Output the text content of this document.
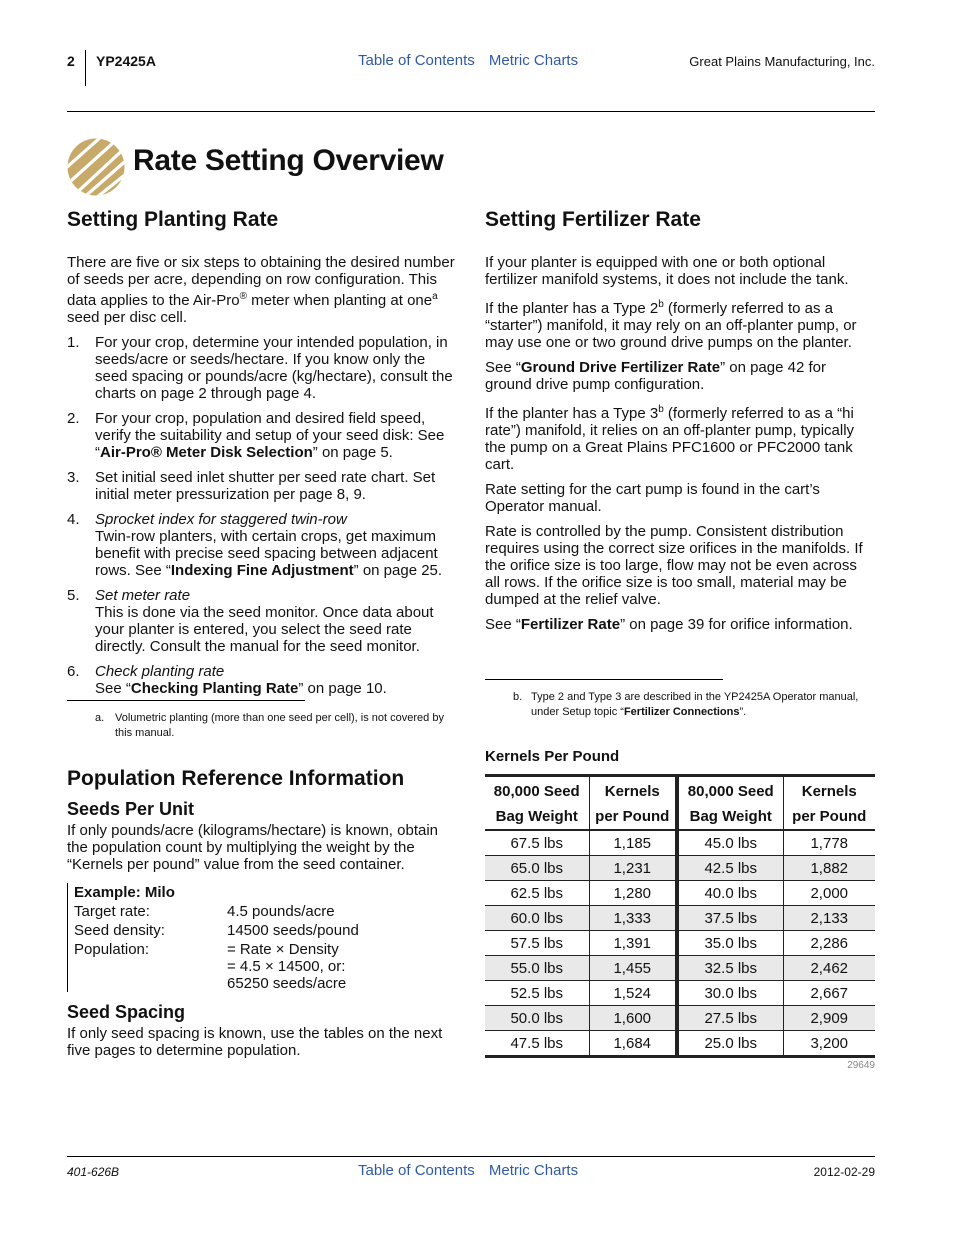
2 YP2425A	Table of Contents Metric Charts	Great Plains Manufacturing, Inc.
Rate Setting Overview
Setting Planting Rate

There are five or six steps to obtaining the desired number of seeds per acre, depending on row configuration. This data applies to the Air-Pro® meter when planting at one$^a$ seed per disc cell.

1. For your crop, determine your intended population, in seeds/acre or seeds/hectare. If you know only the seed spacing or pounds/acre (kg/hectare), consult the charts on page 2 through page 4.
2. For your crop, population and desired field speed, verify the suitability and setup of your seed disk: See “Air-Pro® Meter Disk Selection” on page 5.
3. Set initial seed inlet shutter per seed rate chart. Set initial meter pressurization per page 8, 9.
4. Sprocket index for staggered twin-row
Twin-row planters, with certain crops, get maximum benefit with precise seed spacing between adjacent rows. See “Indexing Fine Adjustment” on page 25.
5. Set meter rate
This is done via the seed monitor. Once data about your planter is entered, you select the seed rate directly. Consult the manual for the seed monitor.
6. Check planting rate
See “Checking Planting Rate” on page 10.
a. Volumetric planting (more than one seed per cell), is not covered by this manual.
Population Reference Information
Seeds Per Unit

If only pounds/acre (kilograms/hectare) is known, obtain the population count by multiplying the weight by the “Kernels per pound” value from the seed container.

Example: Milo
Target rate:	4.5 pounds/acre
Seed density:	14500 seeds/pound
Population:	= Rate × Density
= 4.5 × 14500, or:
65250 seeds/acre
Seed Spacing

If only seed spacing is known, use the tables on the next five pages to determine population.

Setting Fertilizer Rate

If your planter is equipped with one or both optional fertilizer manifold systems, it does not include the tank.

If the planter has a Type 2$^b$ (formerly referred to as a “starter”) manifold, it may rely on an off-planter pump, or may use one or two ground drive pumps on the planter.

See “Ground Drive Fertilizer Rate” on page 42 for ground drive pump configuration.

If the planter has a Type 3$^b$ (formerly referred to as a “hi rate”) manifold, it relies on an off-planter pump, typically the pump on a Great Plains PFC1600 or PFC2000 tank cart.

Rate setting for the cart pump is found in the cart’s Operator manual.

Rate is controlled by the pump. Consistent distribution requires using the correct size orifices in the manifolds. If the orifice size is too large, flow may not be even across all rows. If the orifice size is too small, material may be dumped at the relief valve.

See “Fertilizer Rate” on page 39 for orifice information.

b. Type 2 and Type 3 are described in the YP2425A Operator manual, under Setup topic “Fertilizer Connections”.
Kernels Per Pound
80,000 Seed	Kernels	80,000 Seed	Kernels
Bag Weight	per Pound	Bag Weight	per Pound
67.5 lbs	1,185	45.0 lbs	1,778
65.0 lbs	1,231	42.5 lbs	1,882
62.5 lbs	1,280	40.0 lbs	2,000
60.0 lbs	1,333	37.5 lbs	2,133
57.5 lbs	1,391	35.0 lbs	2,286
55.0 lbs	1,455	32.5 lbs	2,462
52.5 lbs	1,524	30.0 lbs	2,667
50.0 lbs	1,600	27.5 lbs	2,909
47.5 lbs	1,684	25.0 lbs	3,200
29649
401-626B	Table of Contents Metric Charts	2012-02-29
